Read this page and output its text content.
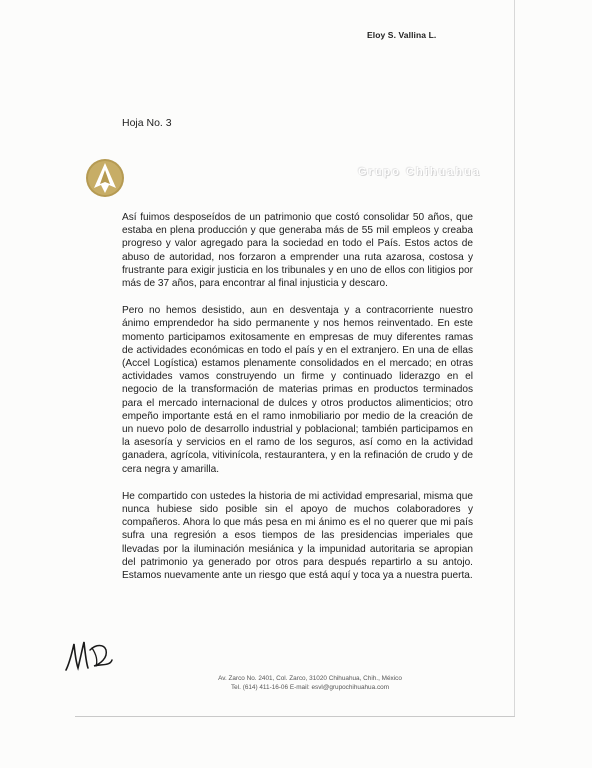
Eloy S. Vallina L.
Hoja No. 3
Grupo Chihuahua

Así fuimos desposeídos de un patrimonio que costó consolidar 50 años, que estaba en plena producción y que generaba más de 55 mil empleos y creaba progreso y valor agregado para la sociedad en todo el País. Estos actos de abuso de autoridad, nos forzaron a emprender una ruta azarosa, costosa y frustrante para exigir justicia en los tribunales y en uno de ellos con litigios por más de 37 años, para encontrar al final injusticia y descaro.

Pero no hemos desistido, aun en desventaja y a contracorriente nuestro ánimo emprendedor ha sido permanente y nos hemos reinventado. En este momento participamos exitosamente en empresas de muy diferentes ramas de actividades económicas en todo el país y en el extranjero. En una de ellas (Accel Logística) estamos plenamente consolidados en el mercado; en otras actividades vamos construyendo un firme y continuado liderazgo en el negocio de la transformación de materias primas en productos terminados para el mercado internacional de dulces y otros productos alimenticios; otro empeño importante está en el ramo inmobiliario por medio de la creación de un nuevo polo de desarrollo industrial y poblacional; también participamos en la asesoría y servicios en el ramo de los seguros, así como en la actividad ganadera, agrícola, vitivinícola, restaurantera, y en la refinación de crudo y de cera negra y amarilla.

He compartido con ustedes la historia de mi actividad empresarial, misma que nunca hubiese sido posible sin el apoyo de muchos colaboradores y compañeros. Ahora lo que más pesa en mi ánimo es el no querer que mi país sufra una regresión a esos tiempos de las presidencias imperiales que llevadas por la iluminación mesiánica y la impunidad autoritaria se apropian del patrimonio ya generado por otros para después repartirlo a su antojo. Estamos nuevamente ante un riesgo que está aquí y toca ya a nuestra puerta.

Av. Zarco No. 2401, Col. Zarco, 31020 Chihuahua, Chih., México
Tel. (614) 411-16-06 E-mail: esvl@grupochihuahua.com
